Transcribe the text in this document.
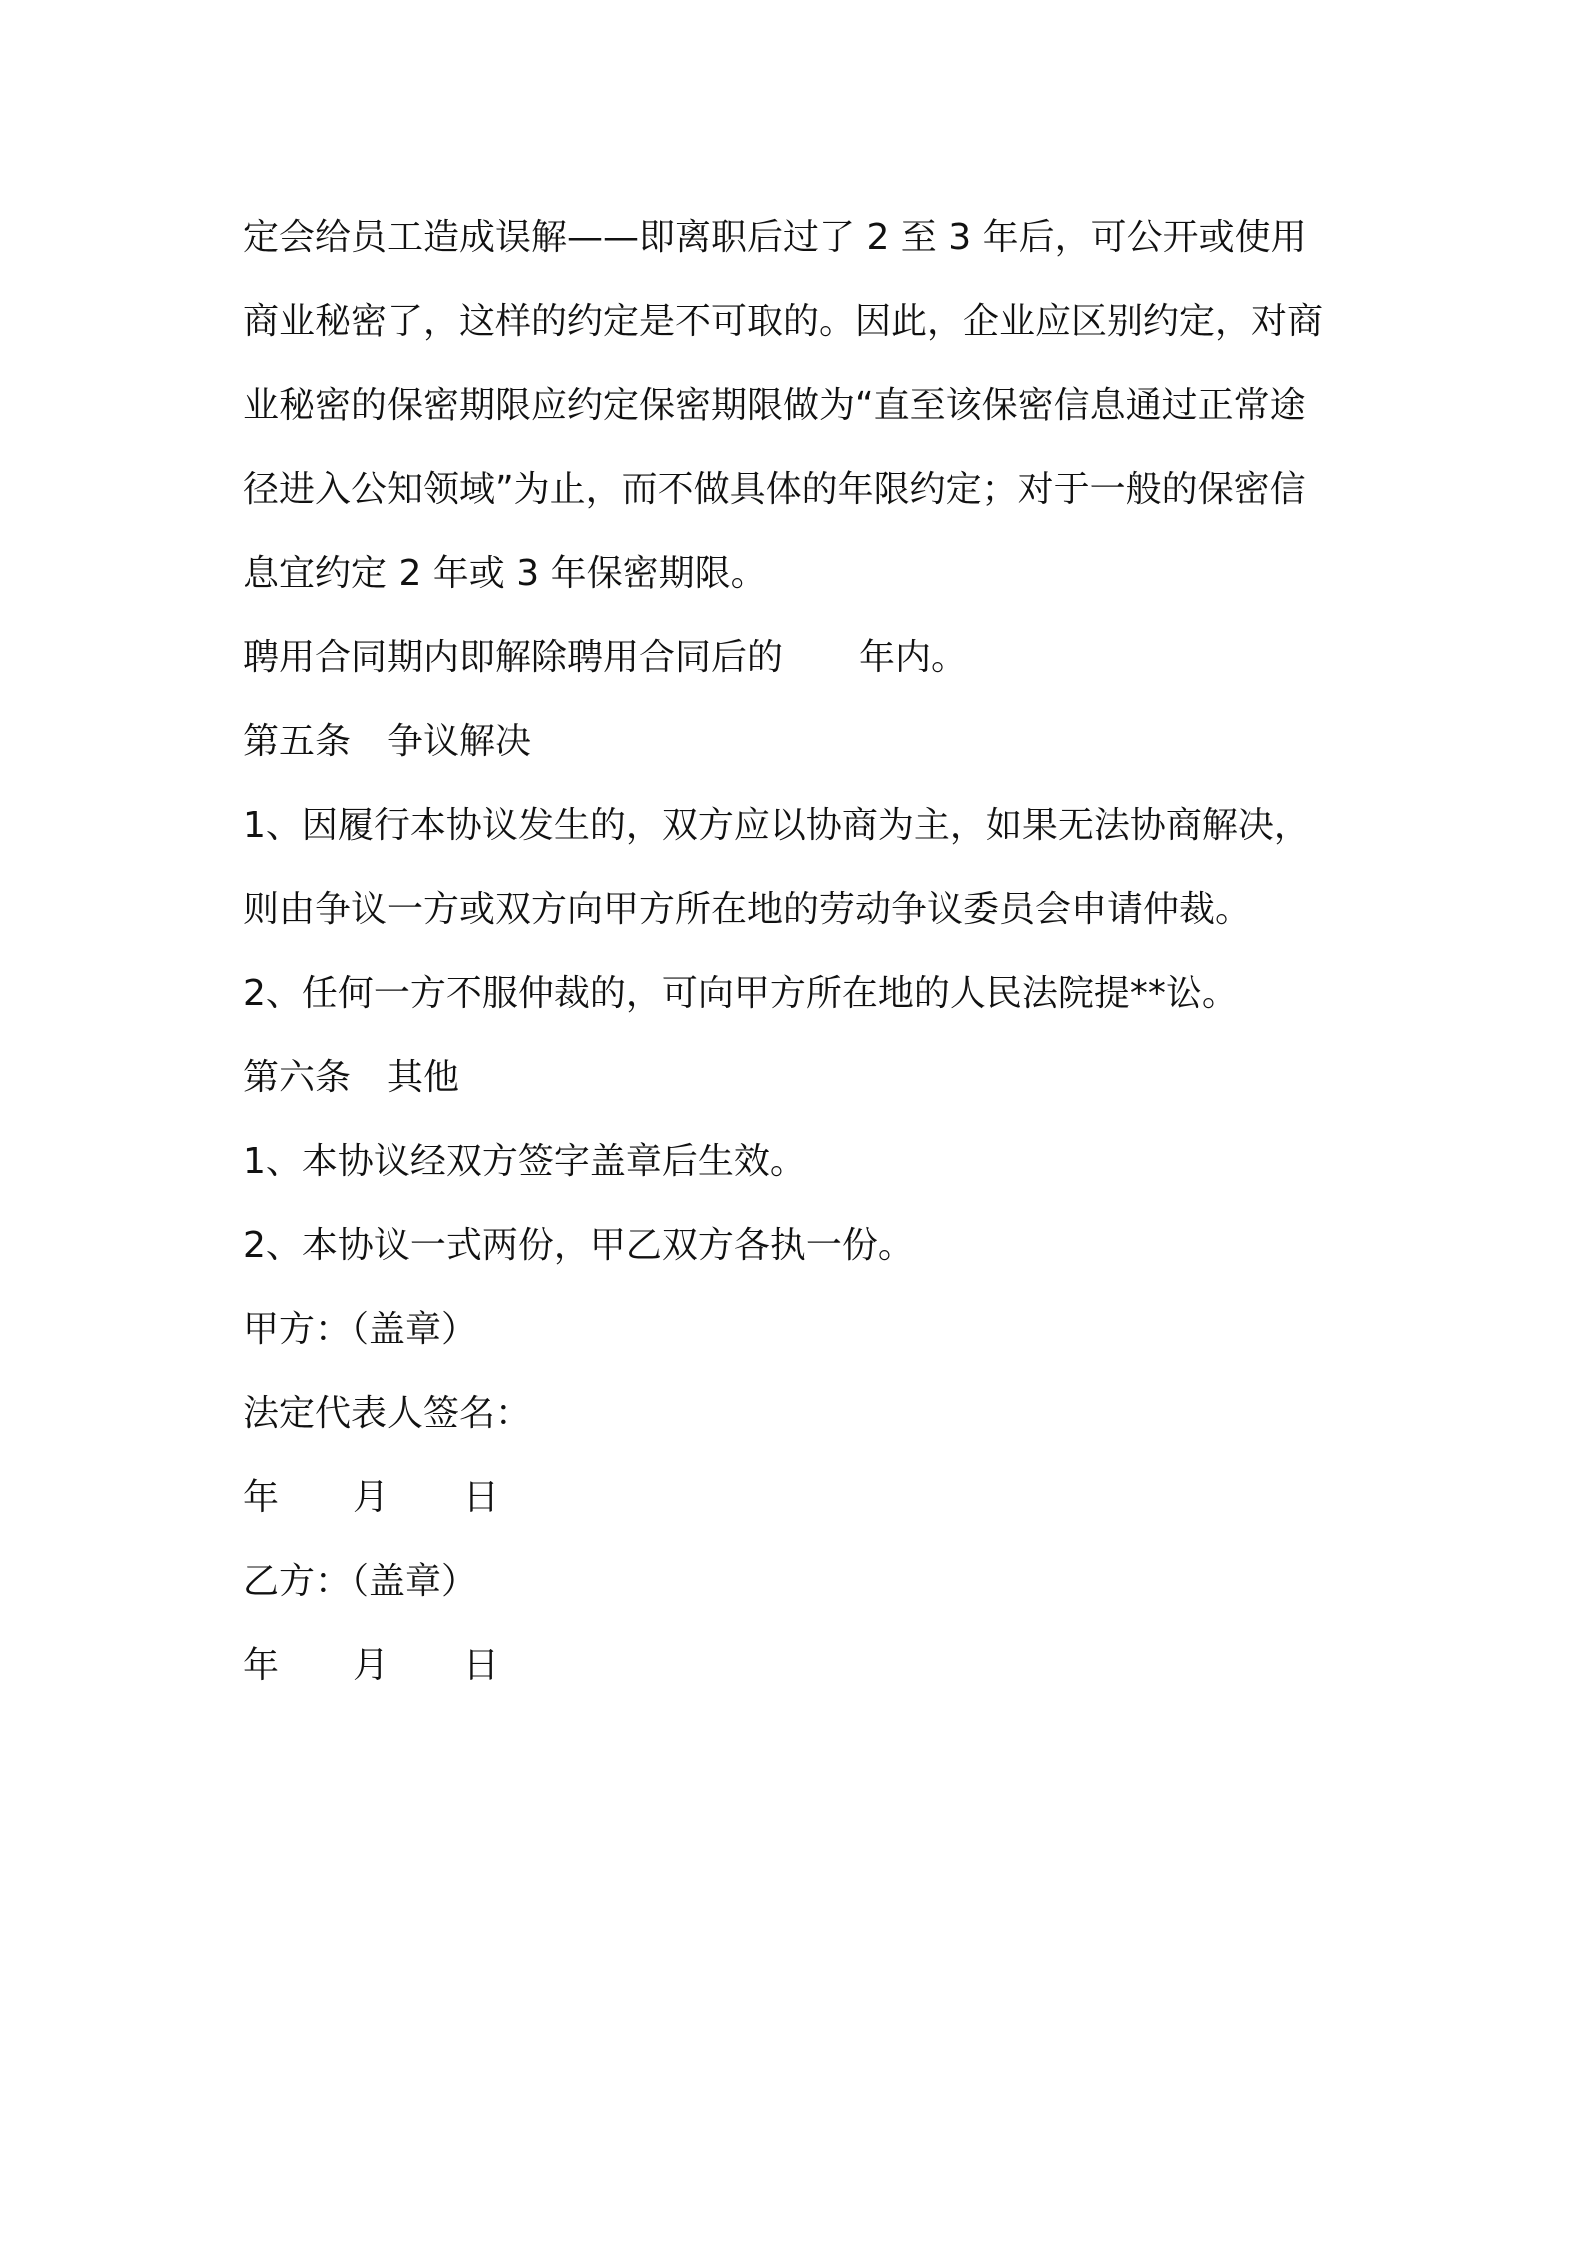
定会给员工造成误解——即离职后过了 2 至 3 年后，可公开或使用

商业秘密了，这样的约定是不可取的。因此，企业应区别约定，对商

业秘密的保密期限应约定保密期限做为“直至该保密信息通过正常途

径进入公知领域”为止，而不做具体的年限约定；对于一般的保密信

息宜约定 2 年或 3 年保密期限。

聘用合同期内即解除聘用合同后的 年内。

第五条 争议解决

1、因履行本协议发生的，双方应以协商为主，如果无法协商解决，

则由争议一方或双方向甲方所在地的劳动争议委员会申请仲裁。

2、任何一方不服仲裁的，可向甲方所在地的人民法院提**讼。

第六条 其他

1、本协议经双方签字盖章后生效。

2、本协议一式两份，甲乙双方各执一份。

甲方：（盖章）

法定代表人签名：

年 月 日

乙方：（盖章）

年 月 日
